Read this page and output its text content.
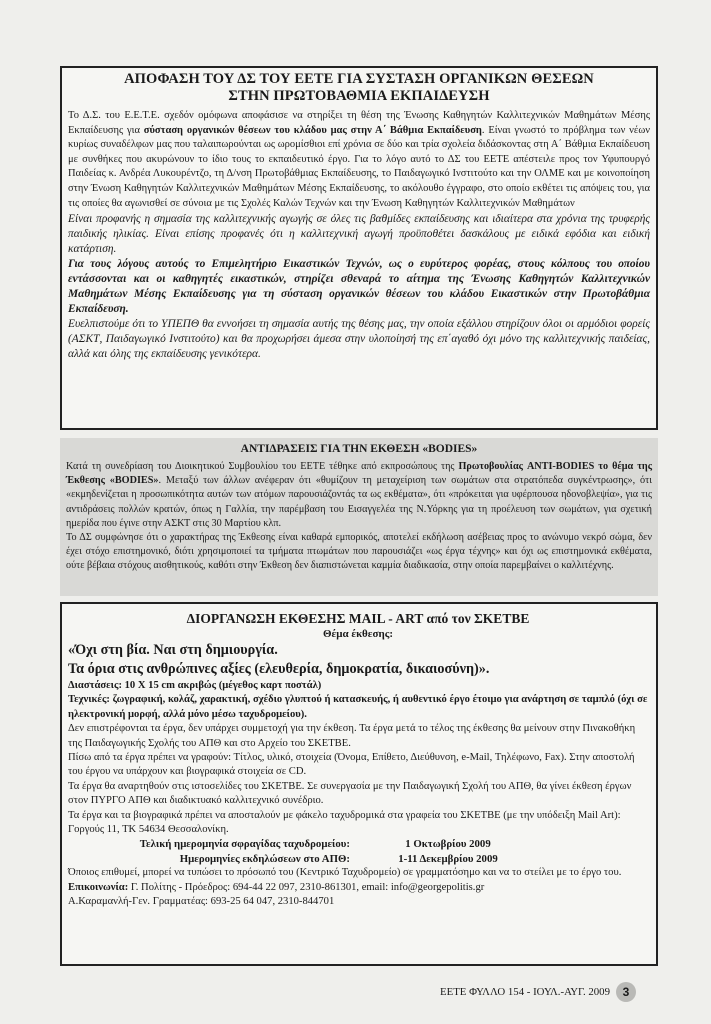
ΑΠΟΦΑΣΗ ΤΟΥ ΔΣ ΤΟΥ ΕΕΤΕ ΓΙΑ ΣΥΣΤΑΣΗ ΟΡΓΑΝΙΚΩΝ ΘΕΣΕΩΝ
ΣΤΗΝ ΠΡΩΤΟΒΑΘΜΙΑ ΕΚΠΑΙΔΕΥΣΗ

Το Δ.Σ. του Ε.Ε.Τ.Ε. σχεδόν ομόφωνα αποφάσισε να στηρίξει τη θέση της Ένωσης Καθηγητών Καλλιτεχνικών Μαθημάτων Μέσης Εκπαίδευσης για σύσταση οργανικών θέσεων του κλάδου μας στην Α΄ Βάθμια Εκπαίδευση. Είναι γνωστό το πρόβλημα των νέων κυρίως συναδέλφων μας που ταλαιπωρούνται ως ωρομίσθιοι επί χρόνια σε δύο και τρία σχολεία διδάσκοντας στη Α΄ Βάθμια Εκπαίδευση με συνθήκες που ακυρώνουν το ίδιο τους το εκπαιδευτικό έργο. Για το λόγο αυτό το ΔΣ του ΕΕΤΕ απέστειλε προς τον Υφυπουργό Παιδείας κ. Ανδρέα Λυκουρέντζο, τη Δ/νση Πρωτοβάθμιας Εκπαίδευσης, το Παιδαγωγικό Ινστιτούτο και την ΟΛΜΕ και με κοινοποίηση στην Ένωση Καθηγητών Καλλιτεχνικών Μαθημάτων Μέσης Εκπαίδευσης, το ακόλουθο έγγραφο, στο οποίο εκθέτει τις απόψεις του, για τις οποίες θα αγωνισθεί σε σύνοια με τις Σχολές Καλών Τεχνών και την Ένωση Καθηγητών Καλλιτεχνικών Μαθημάτων

Είναι προφανής η σημασία της καλλιτεχνικής αγωγής σε όλες τις βαθμίδες εκπαίδευσης και ιδιαίτερα στα χρόνια της τρυφερής παιδικής ηλικίας. Είναι επίσης προφανές ότι η καλλιτεχνική αγωγή προϋποθέτει δασκάλους με ειδικά εφόδια και ειδική κατάρτιση.

Για τους λόγους αυτούς το Επιμελητήριο Εικαστικών Τεχνών, ως ο ευρύτερος φορέας, στους κόλπους του οποίου εντάσσονται και οι καθηγητές εικαστικών, στηρίζει σθεναρά το αίτημα της Ένωσης Καθηγητών Καλλιτεχνικών Μαθημάτων Μέσης Εκπαίδευσης για τη σύσταση οργανικών θέσεων του κλάδου Εικαστικών στην Πρωτοβάθμια Εκπαίδευση.

Ευελπιστούμε ότι το ΥΠΕΠΘ θα εννοήσει τη σημασία αυτής της θέσης μας, την οποία εξάλλου στηρίζουν όλοι οι αρμόδιοι φορείς (ΑΣΚΤ, Παιδαγωγικό Ινστιτούτο) και θα προχωρήσει άμεσα στην υλοποίησή της επ΄αγαθό όχι μόνο της καλλιτεχνικής παιδείας, αλλά και όλης της εκπαίδευσης γενικότερα.

ΑΝΤΙΔΡΑΣΕΙΣ ΓΙΑ ΤΗΝ ΕΚΘΕΣΗ «BODIES»

Κατά τη συνεδρίαση του Διοικητικού Συμβουλίου του ΕΕΤΕ τέθηκε από εκπροσώπους της Πρωτοβουλίας ANTI-BODIES το θέμα της Έκθεσης «BODIES». Μεταξύ των άλλων ανέφεραν ότι «θυμίζουν τη μεταχείριση των σωμάτων στα στρατόπεδα συγκέντρωσης», ότι «εκμηδενίζεται η προσωπικότητα αυτών των ατόμων παρουσιάζοντάς τα ως εκθέματα», ότι «πρόκειται για υφέρπουσα ηδονοβλεψία», για τις αντιδράσεις πολλών κρατών, όπως η Γαλλία, την παρέμβαση του Εισαγγελέα της Ν.Υόρκης για τη προέλευση των σωμάτων, για σχετική ημερίδα που έγινε στην ΑΣΚΤ στις 30 Μαρτίου κλπ.

Το ΔΣ συμφώνησε ότι ο χαρακτήρας της Έκθεσης είναι καθαρά εμπορικός, αποτελεί εκδήλωση ασέβειας προς το ανώνυμο νεκρό σώμα, δεν έχει στόχο επιστημονικό, διότι χρησιμοποιεί τα τμήματα πτωμάτων που παρουσιάζει «ως έργα τέχνης» και όχι ως επιστημονικά εκθέματα, ούτε βέβαια στόχους αισθητικούς, καθότι στην Έκθεση δεν διαπιστώνεται καμμία διαδικασία, στην οποία παρεμβαίνει ο καλλιτέχνης.

ΔΙΟΡΓΑΝΩΣΗ ΕΚΘΕΣΗΣ MAIL - ART από τον ΣΚΕΤΒΕ
Θέμα έκθεσης:
«Όχι στη βία. Ναι στη δημιουργία.
Τα όρια στις ανθρώπινες αξίες (ελευθερία, δημοκρατία, δικαιοσύνη)».

Διαστάσεις: 10 X 15 cm ακριβώς (μέγεθος καρτ ποστάλ)

Τεχνικές: ζωγραφική, κολάζ, χαρακτική, σχέδιο γλυπτού ή κατασκευής, ή αυθεντικό έργο έτοιμο για ανάρτηση σε ταμπλό (όχι σε ηλεκτρονική μορφή, αλλά μόνο μέσω ταχυδρομείου).

Δεν επιστρέφονται τα έργα, δεν υπάρχει συμμετοχή για την έκθεση. Τα έργα μετά το τέλος της έκθεσης θα μείνουν στην Πινακοθήκη της Παιδαγωγικής Σχολής του ΑΠΘ και στο Αρχείο του ΣΚΕΤΒΕ.

Πίσω από τα έργα πρέπει να γραφούν: Τίτλος, υλικό, στοιχεία (Όνομα, Επίθετο, Διεύθυνση, e-Mail, Τηλέφωνο, Fax). Στην αποστολή του έργου να υπάρχουν και βιογραφικά στοιχεία σε CD.

Τα έργα θα αναρτηθούν στις ιστοσελίδες του ΣΚΕΤΒΕ. Σε συνεργασία με την Παιδαγωγική Σχολή του ΑΠΘ, θα γίνει έκθεση έργων στον ΠΥΡΓΟ ΑΠΘ και διαδικτυακό καλλιτεχνικό συνέδριο.

Τα έργα και τα βιογραφικά πρέπει να αποσταλούν με φάκελο ταχυδρομικά στα γραφεία του ΣΚΕΤΒΕ (με την υπόδειξη Mail Art): Γοργούς 11, ΤΚ 54634 Θεσσαλονίκη.

Τελική ημερομηνία σφραγίδας ταχυδρομείου:	1 Οκτωβρίου 2009
Ημερομηνίες εκδηλώσεων στο ΑΠΘ:	1-11 Δεκεμβρίου 2009

Όποιος επιθυμεί, μπορεί να τυπώσει το πρόσωπό του (Κεντρικό Ταχυδρομείο) σε γραμματόσημο και να το στείλει με το έργο του.

Επικοινωνία: Γ. Πολίτης - Πρόεδρος: 694-44 22 097, 2310-861301, email: info@georgepolitis.gr

Α.Καραμανλή-Γεν. Γραμματέας: 693-25 64 047, 2310-844701

ΕΕΤΕ ΦΥΛΛΟ 154 - ΙΟΥΛ.-ΑΥΓ. 2009	3
